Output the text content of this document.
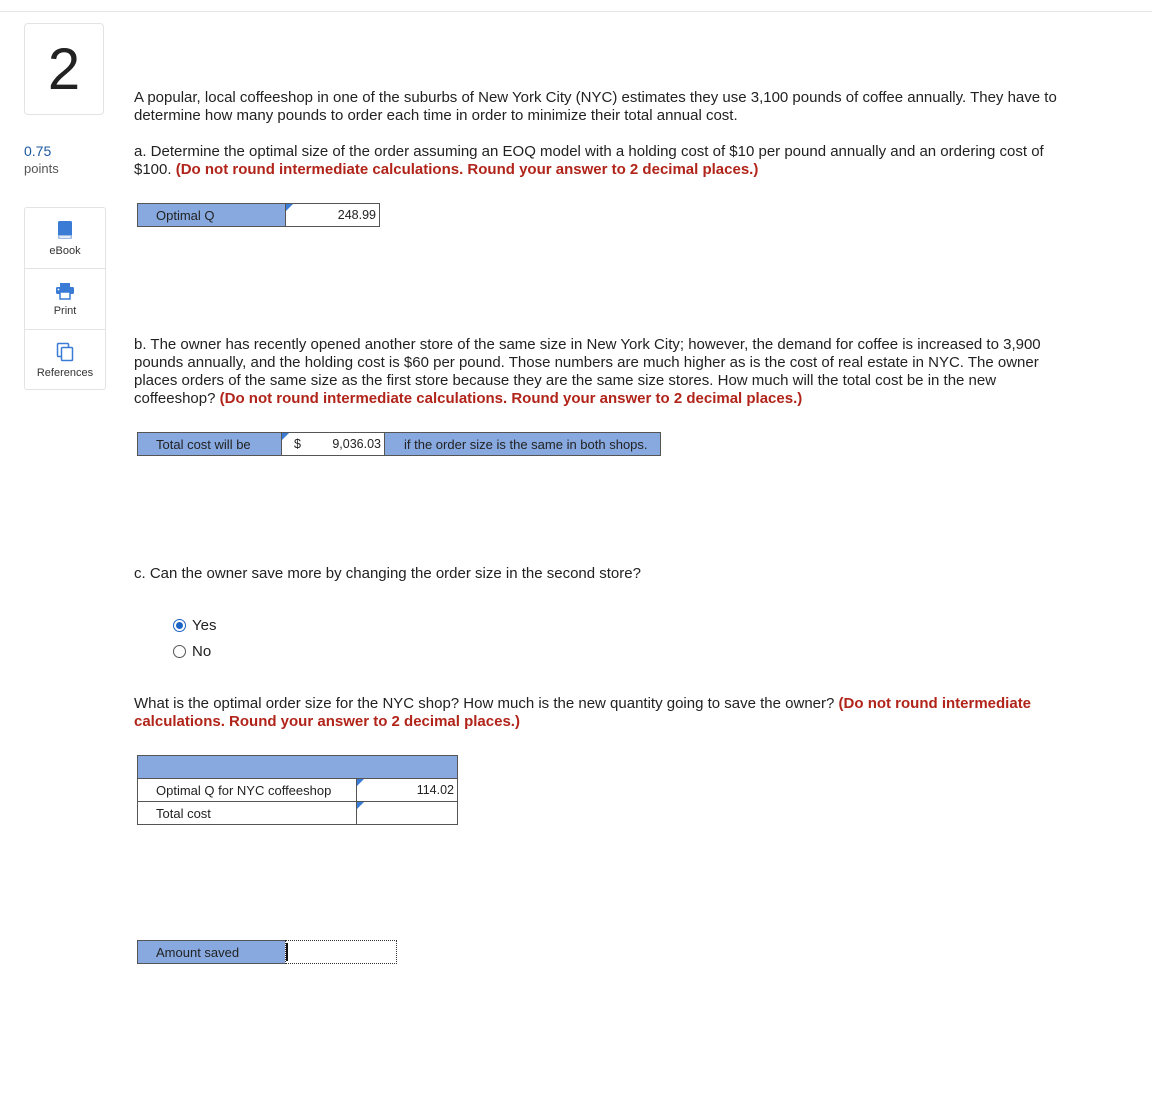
2
0.75
points
eBook
Print
References
A popular, local coffeeshop in one of the suburbs of New York City (NYC) estimates they use 3,100 pounds of coffee annually. They have to determine how many pounds to order each time in order to minimize their total annual cost.
a. Determine the optimal size of the order assuming an EOQ model with a holding cost of $10 per pound annually and an ordering cost of $100. (Do not round intermediate calculations. Round your answer to 2 decimal places.)
Optimal Q	248.99
b. The owner has recently opened another store of the same size in New York City; however, the demand for coffee is increased to 3,900 pounds annually, and the holding cost is $60 per pound. Those numbers are much higher as is the cost of real estate in NYC. The owner places orders of the same size as the first store because they are the same size stores. How much will the total cost be in the new coffeeshop? (Do not round intermediate calculations. Round your answer to 2 decimal places.)
Total cost will be	$	9,036.03	if the order size is the same in both shops.
c. Can the owner save more by changing the order size in the second store?
Yes
No
What is the optimal order size for the NYC shop? How much is the new quantity going to save the owner? (Do not round intermediate calculations. Round your answer to 2 decimal places.)
Optimal Q for NYC coffeeshop	114.02
Total cost
Amount saved
